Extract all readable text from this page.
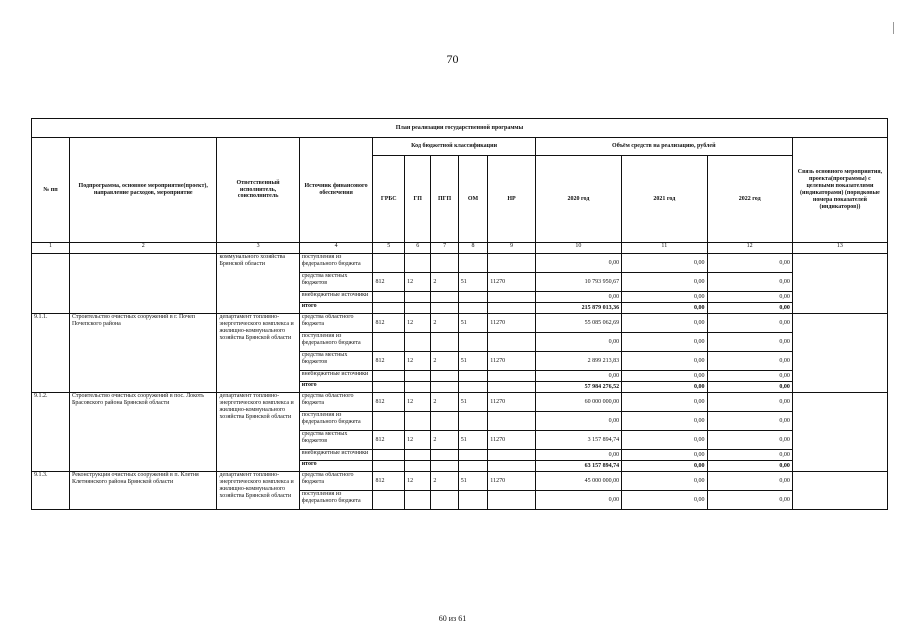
70
План реализации государственной программы												
№ пп	Подпрограмма, основное мероприятие(проект), направление расходов, мероприятие	Ответственный исполнитель, соисполнитель	Источник финансового обеспечения	Код бюджетной классификации					Объём средств на реализацию, рублей			Связь основного мероприятия, проекта(программы) с целевыми показателями (индикаторами) (порядковые номера показателей (индикаторов))
				ГРБС	ГП	ПГП	ОМ	НР	2020 год	2021 год	2022 год	
1	2	3	4	5	6	7	8	9	10	11	12	13
		коммунального хозяйства Брянской области	поступления из федерального бюджета						0,00	0,00	0,00	
			средства местных бюджетов	812	12	2	51	11270	10 793 950,67	0,00	0,00	
			внебюджетные источники						0,00	0,00	0,00	
			итого						215 879 013,36	0,00	0,00	
9.1.1.	Строительство очистных сооружений в г. Почеп Почепского района	департамент топливно-энергетического комплекса и жилищно-коммунального хозяйства Брянской области	средства областного бюджета	812	12	2	51	11270	55 085 062,69	0,00	0,00	
			поступления из федерального бюджета						0,00	0,00	0,00	
			средства местных бюджетов	812	12	2	51	11270	2 899 213,83	0,00	0,00	
			внебюджетные источники						0,00	0,00	0,00	
			итого						57 984 276,52	0,00	0,00	
9.1.2.	Строительство очистных сооружений в пос. Локоть Брасовского района Брянской области	департамент топливно-энергетического комплекса и жилищно-коммунального хозяйства Брянской области	средства областного бюджета	812	12	2	51	11270	60 000 000,00	0,00	0,00	
			поступления из федерального бюджета						0,00	0,00	0,00	
			средства местных бюджетов	812	12	2	51	11270	3 157 894,74	0,00	0,00	
			внебюджетные источники						0,00	0,00	0,00	
			итого						63 157 894,74	0,00	0,00	
9.1.3.	Реконструкция очистных сооружений в п. Клетня Клетнянского района Брянской области	департамент топливно-энергетического комплекса и жилищно-коммунального хозяйства Брянской области	средства областного бюджета	812	12	2	51	11270	45 000 000,00	0,00	0,00	
			поступления из федерального бюджета						0,00	0,00	0,00	
60 из 61
